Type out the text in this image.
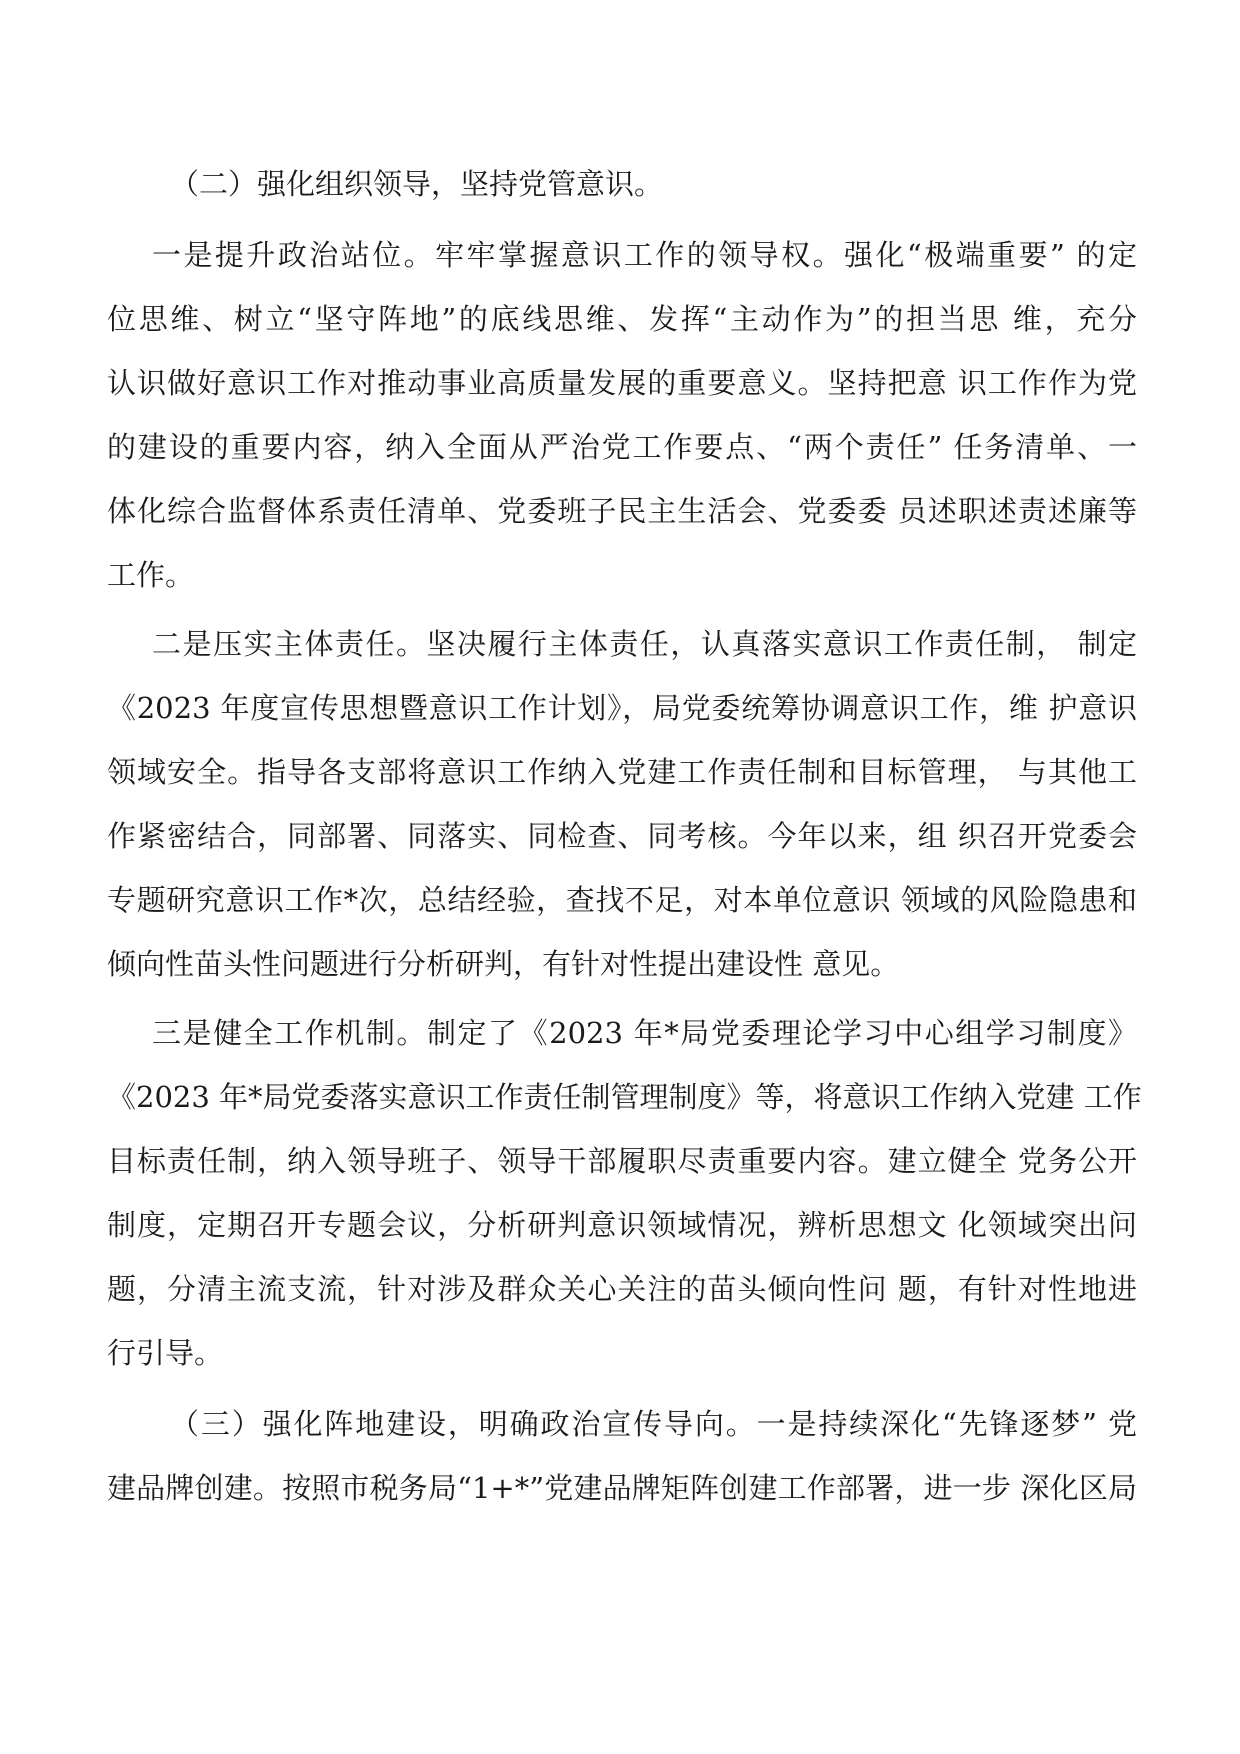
（二）强化组织领导，坚持党管意识。
一是提升政治站位。牢牢掌握意识工作的领导权。强化“极端重要” 的定
位思维、树立“坚守阵地”的底线思维、发挥“主动作为”的担当思 维，充分
认识做好意识工作对推动事业高质量发展的重要意义。坚持把意 识工作作为党
的建设的重要内容，纳入全面从严治党工作要点、“两个责任” 任务清单、一
体化综合监督体系责任清单、党委班子民主生活会、党委委 员述职述责述廉等
工作。
二是压实主体责任。坚决履行主体责任，认真落实意识工作责任制， 制定
《2023 年度宣传思想暨意识工作计划》，局党委统筹协调意识工作，维 护意识
领域安全。指导各支部将意识工作纳入党建工作责任制和目标管理， 与其他工
作紧密结合，同部署、同落实、同检查、同考核。今年以来，组 织召开党委会
专题研究意识工作*次，总结经验，查找不足，对本单位意识 领域的风险隐患和
倾向性苗头性问题进行分析研判，有针对性提出建设性 意见。
三是健全工作机制。制定了《2023 年*局党委理论学习中心组学习制度》
《2023 年*局党委落实意识工作责任制管理制度》等，将意识工作纳入党建 工作
目标责任制，纳入领导班子、领导干部履职尽责重要内容。建立健全 党务公开
制度，定期召开专题会议，分析研判意识领域情况，辨析思想文 化领域突出问
题，分清主流支流，针对涉及群众关心关注的苗头倾向性问 题，有针对性地进
行引导。
（三）强化阵地建设，明确政治宣传导向。一是持续深化“先锋逐梦” 党
建品牌创建。按照市税务局“1+*”党建品牌矩阵创建工作部署，进一步 深化区局
